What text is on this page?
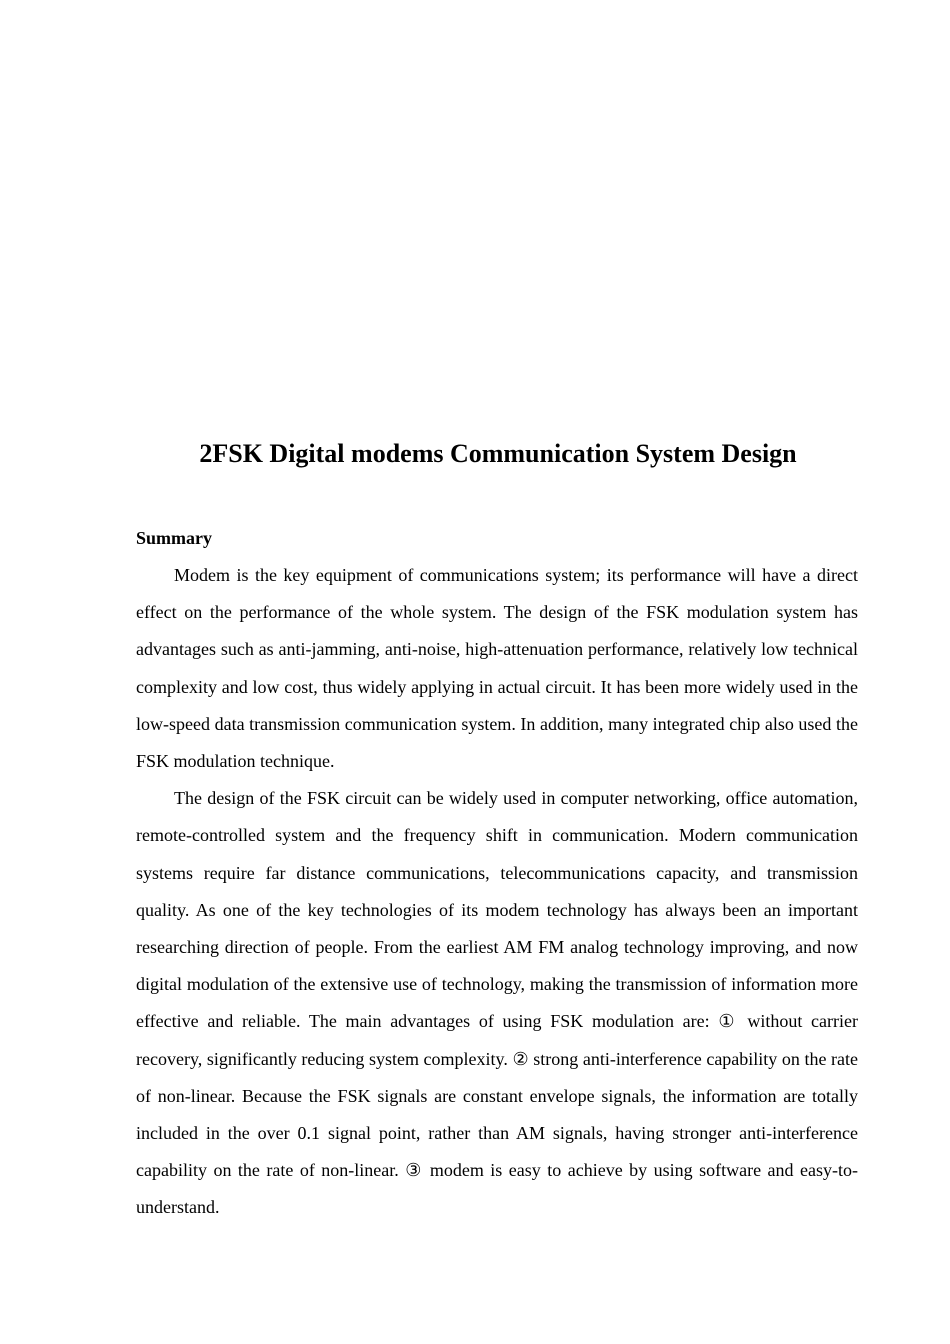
2FSK Digital modems Communication System Design
Summary

Modem is the key equipment of communications system; its performance will have a direct effect on the performance of the whole system. The design of the FSK modulation system has advantages such as anti-jamming, anti-noise, high-attenuation performance, relatively low technical complexity and low cost, thus widely applying in actual circuit. It has been more widely used in the low-speed data transmission communication system. In addition, many integrated chip also used the FSK modulation technique.

The design of the FSK circuit can be widely used in computer networking, office automation, remote-controlled system and the frequency shift in communication. Modern communication systems require far distance communications, telecommunications capacity, and transmission quality. As one of the key technologies of its modem technology has always been an important researching direction of people. From the earliest AM FM analog technology improving, and now digital modulation of the extensive use of technology, making the transmission of information more effective and reliable. The main advantages of using FSK modulation are: ① without carrier recovery, significantly reducing system complexity. ② strong anti-interference capability on the rate of non-linear. Because the FSK signals are constant envelope signals, the information are totally included in the over 0.1 signal point, rather than AM signals, having stronger anti-interference capability on the rate of non-linear. ③ modem is easy to achieve by using software and easy-to-understand.
